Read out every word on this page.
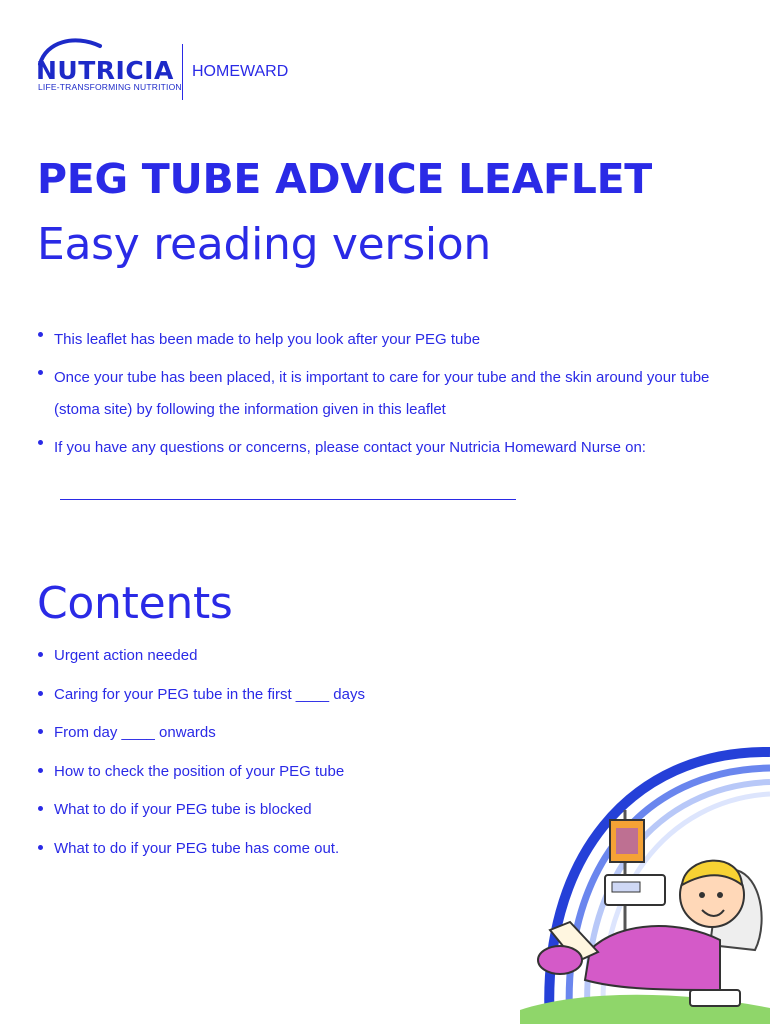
NUTRICIA
LIFE-TRANSFORMING NUTRITION
HOMEWARD
PEG TUBE ADVICE LEAFLET
Easy reading version
This leaflet has been made to help you look after your PEG tube
Once your tube has been placed, it is important to care for your tube and the skin around your tube (stoma site) by following the information given in this leaflet
If you have any questions or concerns, please contact your Nutricia Homeward Nurse on:
Contents
Urgent action needed
Caring for your PEG tube in the first ____ days
From day ____ onwards
How to check the position of your PEG tube
What to do if your PEG tube is blocked
What to do if your PEG tube has come out.
